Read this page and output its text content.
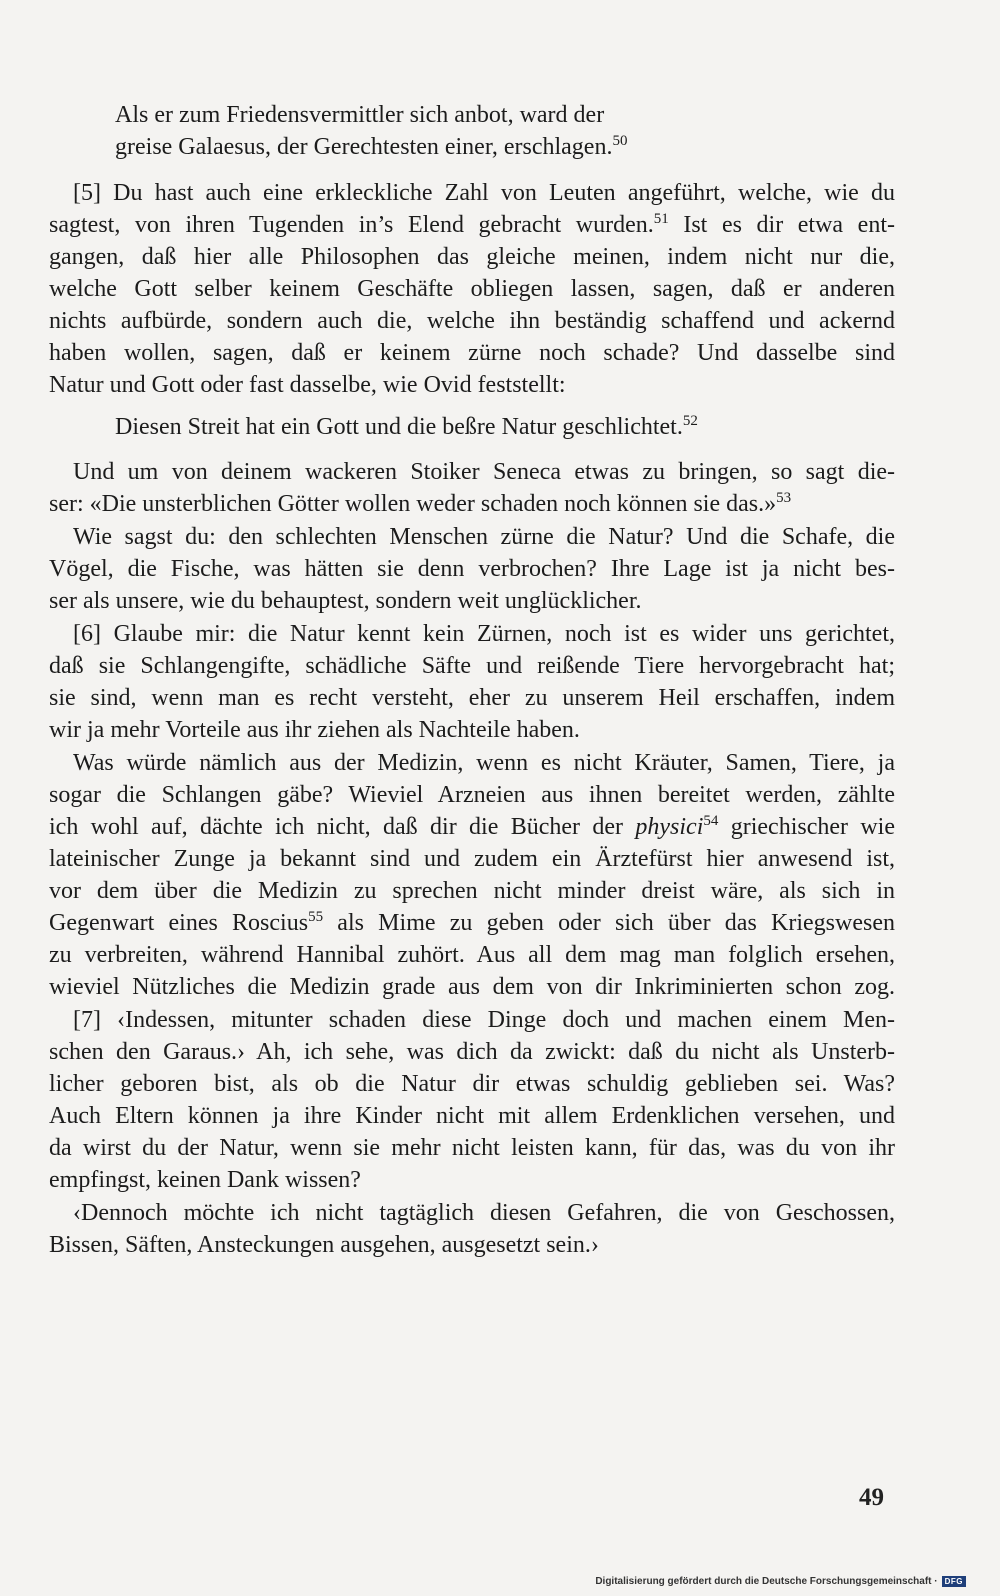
Als er zum Friedensvermittler sich anbot, ward der
greise Galaesus, der Gerechtesten einer, erschlagen.$^{50}$
[5] Du hast auch eine erkleckliche Zahl von Leuten angeführt, welche, wie du
sagtest, von ihren Tugenden in’s Elend gebracht wurden.$^{51}$ Ist es dir etwa ent-
gangen, daß hier alle Philosophen das gleiche meinen, indem nicht nur die,
welche Gott selber keinem Geschäfte obliegen lassen, sagen, daß er anderen
nichts aufbürde, sondern auch die, welche ihn beständig schaffend und ackernd
haben wollen, sagen, daß er keinem zürne noch schade? Und dasselbe sind
Natur und Gott oder fast dasselbe, wie Ovid feststellt:
Diesen Streit hat ein Gott und die beßre Natur geschlichtet.$^{52}$
Und um von deinem wackeren Stoiker Seneca etwas zu bringen, so sagt die-
ser: «Die unsterblichen Götter wollen weder schaden noch können sie das.»$^{53}$
Wie sagst du: den schlechten Menschen zürne die Natur? Und die Schafe, die
Vögel, die Fische, was hätten sie denn verbrochen? Ihre Lage ist ja nicht bes-
ser als unsere, wie du behauptest, sondern weit unglücklicher.
[6] Glaube mir: die Natur kennt kein Zürnen, noch ist es wider uns gerichtet,
daß sie Schlangengifte, schädliche Säfte und reißende Tiere hervorgebracht hat;
sie sind, wenn man es recht versteht, eher zu unserem Heil erschaffen, indem
wir ja mehr Vorteile aus ihr ziehen als Nachteile haben.
Was würde nämlich aus der Medizin, wenn es nicht Kräuter, Samen, Tiere, ja
sogar die Schlangen gäbe? Wieviel Arzneien aus ihnen bereitet werden, zählte
ich wohl auf, dächte ich nicht, daß dir die Bücher der physici$^{54}$ griechischer wie
lateinischer Zunge ja bekannt sind und zudem ein Ärztefürst hier anwesend ist,
vor dem über die Medizin zu sprechen nicht minder dreist wäre, als sich in
Gegenwart eines Roscius$^{55}$ als Mime zu geben oder sich über das Kriegswesen
zu verbreiten, während Hannibal zuhört. Aus all dem mag man folglich ersehen,
wieviel Nützliches die Medizin grade aus dem von dir Inkriminierten schon zog.
[7] ‹Indessen, mitunter schaden diese Dinge doch und machen einem Men-
schen den Garaus.› Ah, ich sehe, was dich da zwickt: daß du nicht als Unsterb-
licher geboren bist, als ob die Natur dir etwas schuldig geblieben sei. Was?
Auch Eltern können ja ihre Kinder nicht mit allem Erdenklichen versehen, und
da wirst du der Natur, wenn sie mehr nicht leisten kann, für das, was du von ihr
empfingst, keinen Dank wissen?
‹Dennoch möchte ich nicht tagtäglich diesen Gefahren, die von Geschossen,
Bissen, Säften, Ansteckungen ausgehen, ausgesetzt sein.›
49
Digitalisierung gefördert durch die Deutsche Forschungsgemeinschaft · DFG
